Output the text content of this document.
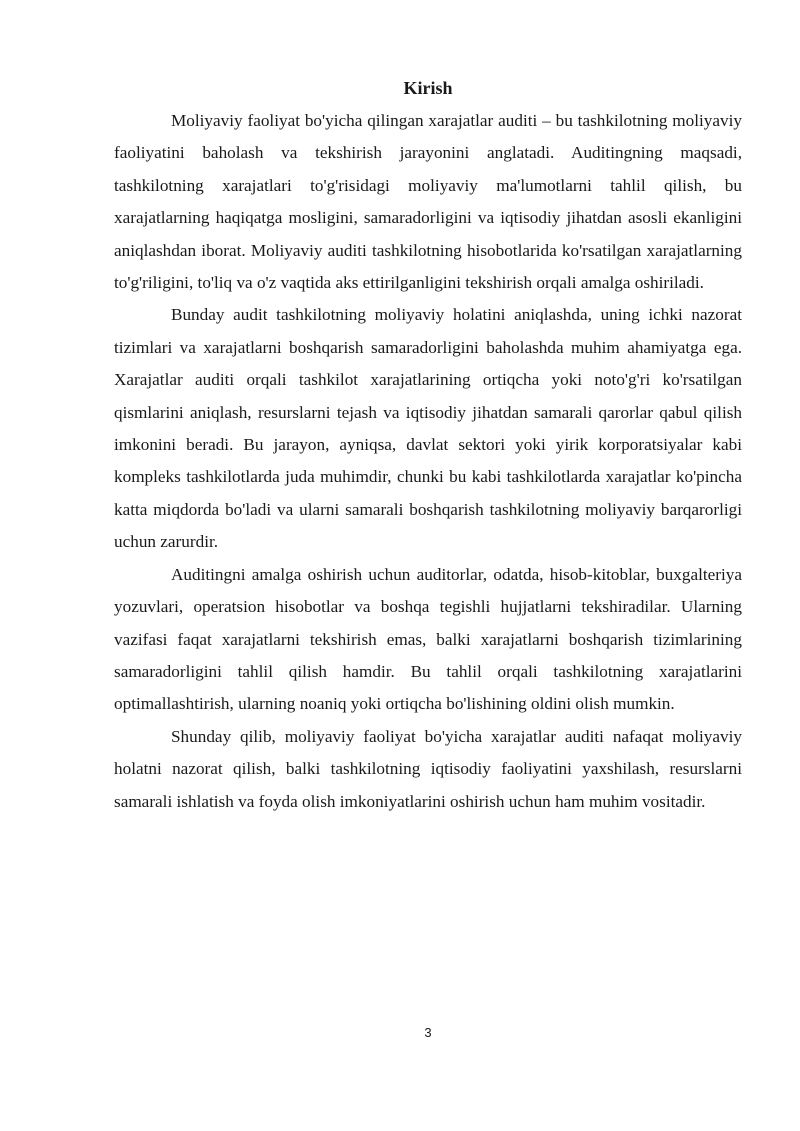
Kirish

Moliyaviy faoliyat bo'yicha qilingan xarajatlar auditi – bu tashkilotning moliyaviy faoliyatini baholash va tekshirish jarayonini anglatadi. Auditingning maqsadi, tashkilotning xarajatlari to'g'risidagi moliyaviy ma'lumotlarni tahlil qilish, bu xarajatlarning haqiqatga mosligini, samaradorligini va iqtisodiy jihatdan asosli ekanligini aniqlashdan iborat. Moliyaviy auditi tashkilotning hisobotlarida ko'rsatilgan xarajatlarning to'g'riligini, to'liq va o'z vaqtida aks ettirilganligini tekshirish orqali amalga oshiriladi.

Bunday audit tashkilotning moliyaviy holatini aniqlashda, uning ichki nazorat tizimlari va xarajatlarni boshqarish samaradorligini baholashda muhim ahamiyatga ega. Xarajatlar auditi orqali tashkilot xarajatlarining ortiqcha yoki noto'g'ri ko'rsatilgan qismlarini aniqlash, resurslarni tejash va iqtisodiy jihatdan samarali qarorlar qabul qilish imkonini beradi. Bu jarayon, ayniqsa, davlat sektori yoki yirik korporatsiyalar kabi kompleks tashkilotlarda juda muhimdir, chunki bu kabi tashkilotlarda xarajatlar ko'pincha katta miqdorda bo'ladi va ularni samarali boshqarish tashkilotning moliyaviy barqarorligi uchun zarurdir.

Auditingni amalga oshirish uchun auditorlar, odatda, hisob-kitoblar, buxgalteriya yozuvlari, operatsion hisobotlar va boshqa tegishli hujjatlarni tekshiradilar. Ularning vazifasi faqat xarajatlarni tekshirish emas, balki xarajatlarni boshqarish tizimlarining samaradorligini tahlil qilish hamdir. Bu tahlil orqali tashkilotning xarajatlarini optimallashtirish, ularning noaniq yoki ortiqcha bo'lishining oldini olish mumkin.

Shunday qilib, moliyaviy faoliyat bo'yicha xarajatlar auditi nafaqat moliyaviy holatni nazorat qilish, balki tashkilotning iqtisodiy faoliyatini yaxshilash, resurslarni samarali ishlatish va foyda olish imkoniyatlarini oshirish uchun ham muhim vositadir.

3
